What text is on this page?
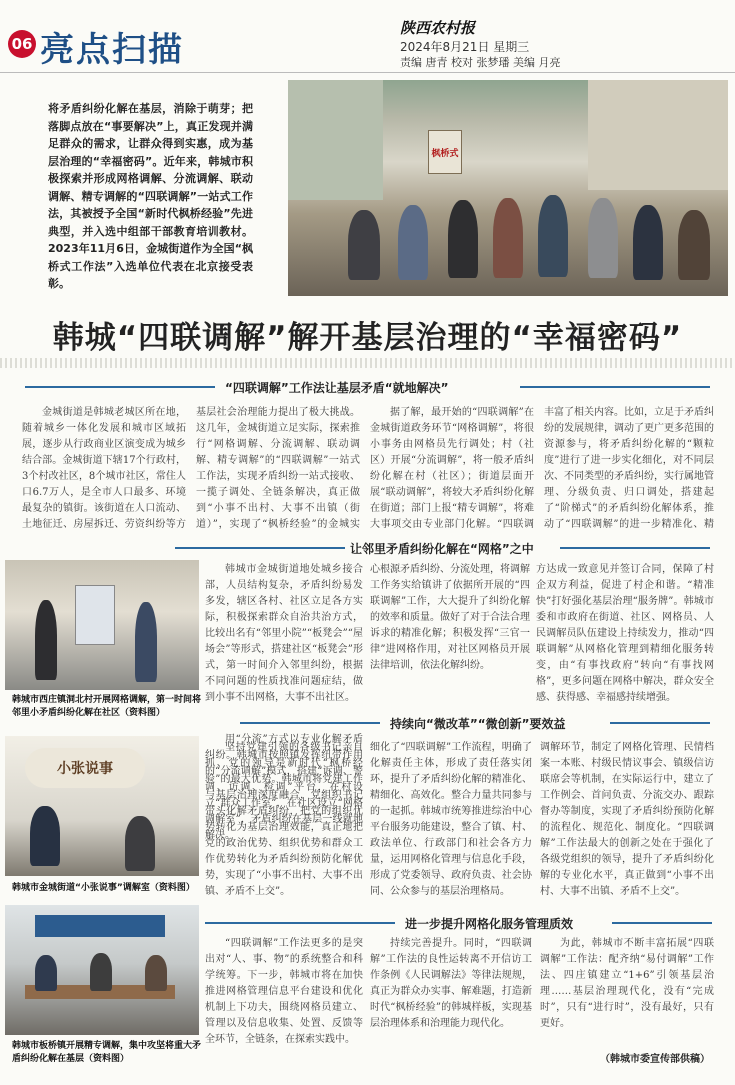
06 亮点扫描
陕西农村报
2024年8月21日 星期三
责编 唐青 校对 张梦璠 美编 月亮
将矛盾纠纷化解在基层，消除于萌芽；把落脚点放在“事要解决”上，真正发现并满足群众的需求，让群众得到实惠，成为基层治理的“幸福密码”。近年来，韩城市积极探索并形成网格调解、分流调解、联动调解、精专调解的“四联调解”一站式工作法，其被授予全国“新时代枫桥经验”先进典型，并入选中组部干部教育培训教材。2023年11月6日，金城街道作为全国“枫桥式工作法”入选单位代表在北京接受表彰。
枫桥式
韩城“四联调解”解开基层治理的“幸福密码”
“四联调解”工作法让基层矛盾“就地解决”
金城街道是韩城老城区所在地，随着城乡一体化发展和城市区域拓展，逐步从行政商业区演变成为城乡结合部。金城街道下辖17个行政村，3个村改社区，8个城市社区，常住人口6.7万人，是全市人口最多、环境最复杂的镇街。该街道在人口流动、土地征迁、房屋拆迁、劳资纠纷等方
基层社会治理能力提出了极大挑战。这几年，金城街道立足实际，探索推行“网格调解、分流调解、联动调解、精专调解”的“四联调解”一站式工作法，实现矛盾纠纷一站式接收、一揽子调处、全链条解决，真正做到“小事不出村、大事不出镇（街道）”，实现了“枫桥经验”的金城实
据了解，最开始的“四联调解”在金城街道政务环节“网格调解”，将很小事务由网格员先行调处；村（社区）开展“分流调解”，将一般矛盾纠纷化解在村（社区）；街道层面开展“联动调解”，将较大矛盾纠纷化解在街道；部门上报“精专调解”，将难大事项交由专业部门化解。“四联调
丰富了相关内容。比如，立足于矛盾纠纷的发展规律，调动了更广更多范围的资源参与，将矛盾纠纷化解的“颗粒度”进行了进一步实化细化，对不同层次、不同类型的矛盾纠纷，实行属地管理、分级负责、归口调处，搭建起了“阶梯式”的矛盾纠纷化解体系，推动了“四联调解”的进一步精准化、精
让邻里矛盾纠纷化解在“网格”之中
韩城市西庄镇洞北村开展网格调解，第一时间将邻里小矛盾纠纷化解在社区（资料图）
韩城市金城街道地处城乡接合部，人员结构复杂，矛盾纠纷易发多发，辖区各村、社区立足各方实际，积极探索群众自治共治方式，比较出名有“邻里小院”“板凳会”“屋场会”等形式，搭建社区“板凳会”形式，第一时间介入邻里纠纷，根据不同问题的性质找准问题症结，做到小事不出网格，大事不出社区。
用“分流”方式以专业化解矛盾纠纷。韩城市按照镇发挥纽带作用的“分流调解”模式，搭建“诉调、警调、访调、检调”平台，在村设立“群众工作室”，在社区设立“网格调解室”，矛盾纠纷在基层一线就地解决。
心根源矛盾纠纷、分流处理，将调解工作务实给镇讲了依据所开展的“四联调解”工作，大大提升了纠纷化解的效率和质量。做好了对于合法合理诉求的精准化解；积极发挥“三官一律”进网格作用，对社区网格员开展法律培训，依法化解纠纷。
方达成一致意见并签订合同，保障了村企双方利益，促进了村企和谐。“精准快”打好强化基层治理“服务牌”。韩城市委和市政府在街道、社区、网格员、人民调解员队伍建设上持续发力，推动“四联调解”从网格化管理到精细化服务转变，由“有事找政府”转向“有事找网格”，更多问题在网格中解决，群众安全感、获得感、幸福感持续增强。
小张说事
韩城市金城街道“小张说事”调解室（资料图）
持续向“微改革”“微创新”要效益
坚持党建引领的各级书记亲自抓、党的领导是新时代“枫桥经验”的最大优势。韩城市将党建工作与基层治理深度融合，党组织书记带头化解矛盾纠纷，把党的组织优势转化为基层治理效能，真正地把党的政治优势、组织优势和群众工作优势转化为矛盾纠纷预防化解优势，实现了“小事不出村、大事不出镇、矛盾不上交”。
细化了“四联调解”工作流程，明确了化解责任主体，形成了责任落实闭环，提升了矛盾纠纷化解的精准化、精细化、高效化。整合力量共同参与的一起抓。韩城市统筹推进综治中心平台服务功能建设，整合了镇、村、政法单位、行政部门和社会各方力量，运用网格化管理与信息化手段，形成了党委领导、政府负责、社会协同、公众参与的基层治理格局。
调解环节，制定了网格化管理、民情档案一本账、村级民情议事会、镇级信访联席会等机制，在实际运行中，建立了工作例会、首问负责、分流交办、跟踪督办等制度，实现了矛盾纠纷预防化解的流程化、规范化、制度化。“四联调解”工作法最大的创新之处在于强化了各级党组织的领导，提升了矛盾纠纷化解的专业化水平，真正做到“小事不出村、大事不出镇、矛盾不上交”。
进一步提升网格化服务管理质效
韩城市板桥镇开展精专调解，集中攻坚将重大矛盾纠纷化解在基层（资料图）
“四联调解”工作法更多的是突出对“人、事、物”的系统整合和科学统筹。下一步，韩城市将在加快推进网格管理信息平台建设和优化机制上下功夫，围绕网格员建立、管理以及信息收集、处置、反馈等全环节，全链条，在探索实践中。
持续完善提升。同时，“四联调解”工作法的良性运转离不开信访工作条例《人民调解法》等律法规规，真正为群众办实事、解难题，打造新时代“枫桥经验”的韩城样板，实现基层治理体系和治理能力现代化。
为此，韩城市不断丰富拓展“四联调解”工作法：配齐纳“易付调解”工作法、四庄镇建立“1+6”引领基层治理……基层治理现代化，没有“完成时”，只有“进行时”，没有最好，只有更好。
（韩城市委宣传部供稿）
